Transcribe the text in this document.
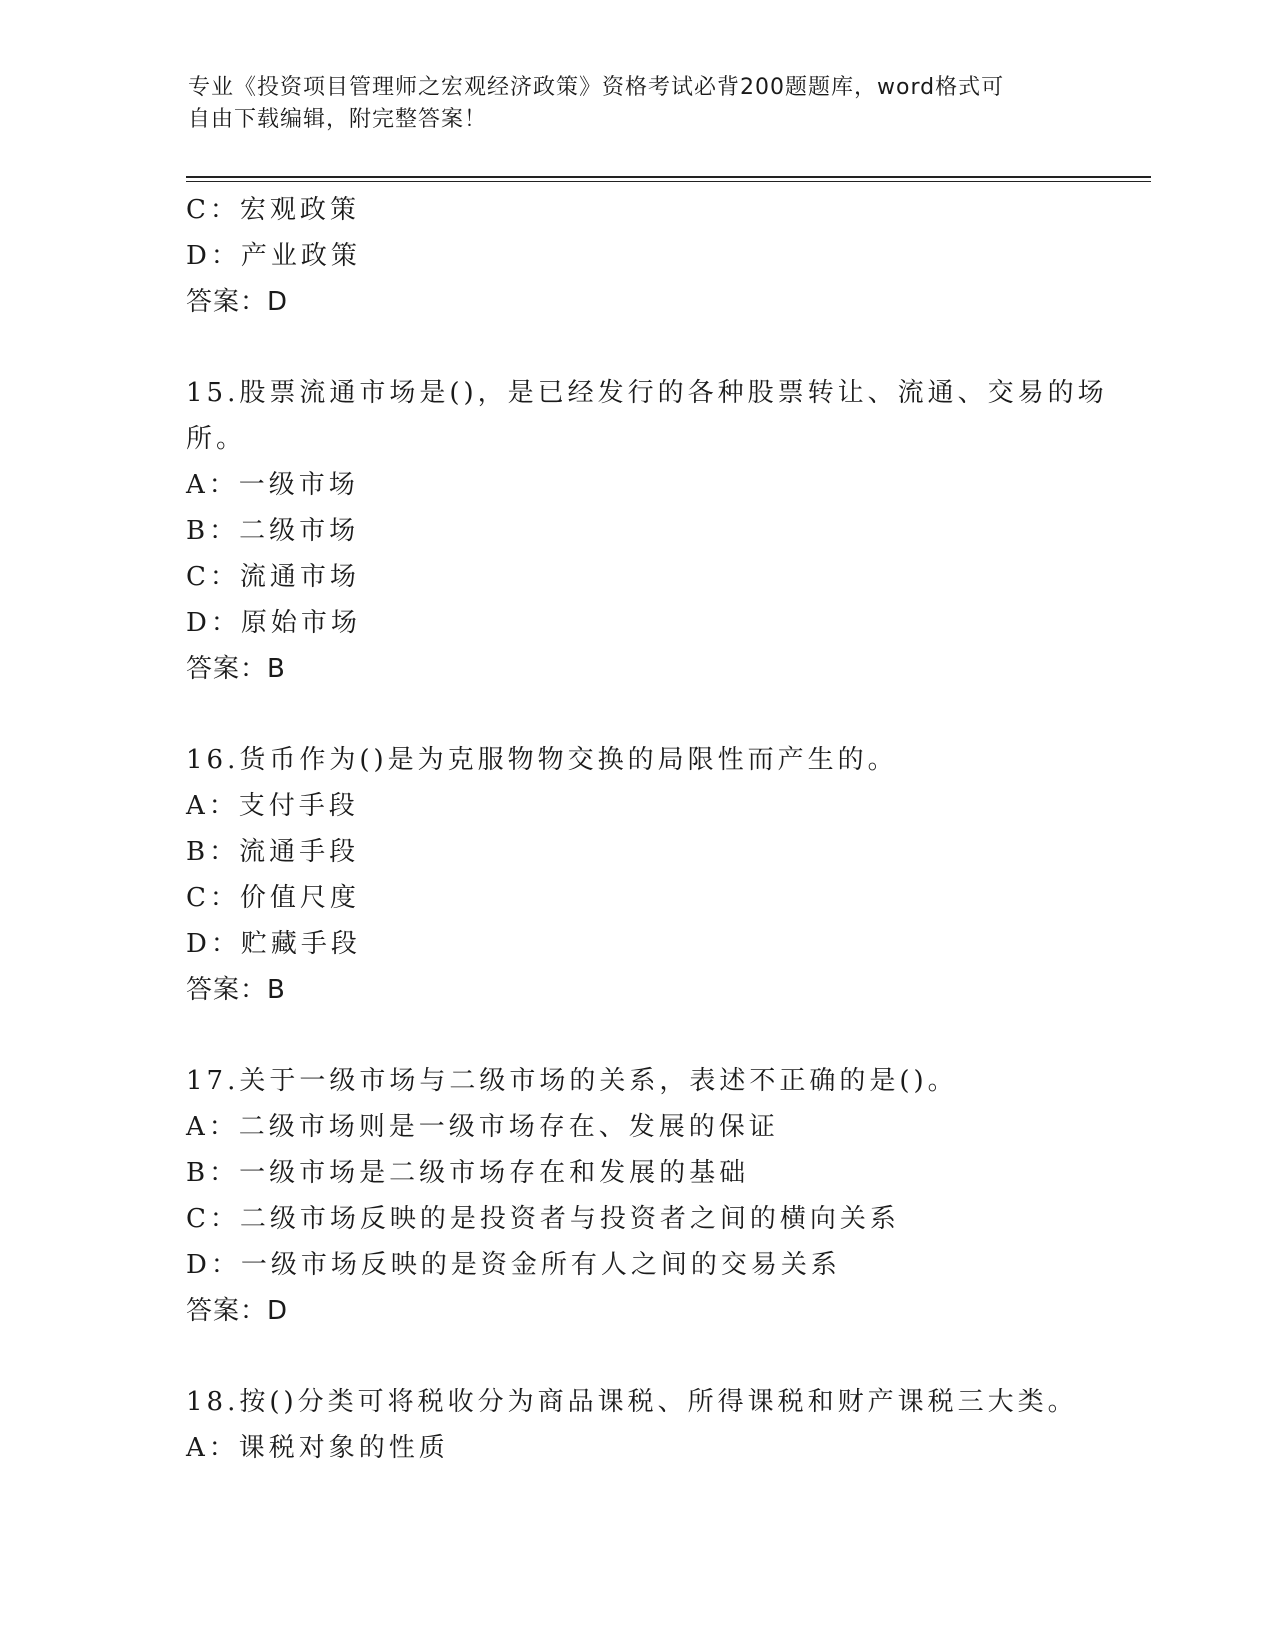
专业《投资项目管理师之宏观经济政策》资格考试必背200题题库，word格式可
自由下载编辑，附完整答案！
C：宏观政策
D：产业政策
答案：D
15.股票流通市场是()，是已经发行的各种股票转让、流通、交易的场
所。
A：一级市场
B：二级市场
C：流通市场
D：原始市场
答案：B
16.货币作为()是为克服物物交换的局限性而产生的。
A：支付手段
B：流通手段
C：价值尺度
D：贮藏手段
答案：B
17.关于一级市场与二级市场的关系，表述不正确的是()。
A：二级市场则是一级市场存在、发展的保证
B：一级市场是二级市场存在和发展的基础
C：二级市场反映的是投资者与投资者之间的横向关系
D：一级市场反映的是资金所有人之间的交易关系
答案：D
18.按()分类可将税收分为商品课税、所得课税和财产课税三大类。
A：课税对象的性质
